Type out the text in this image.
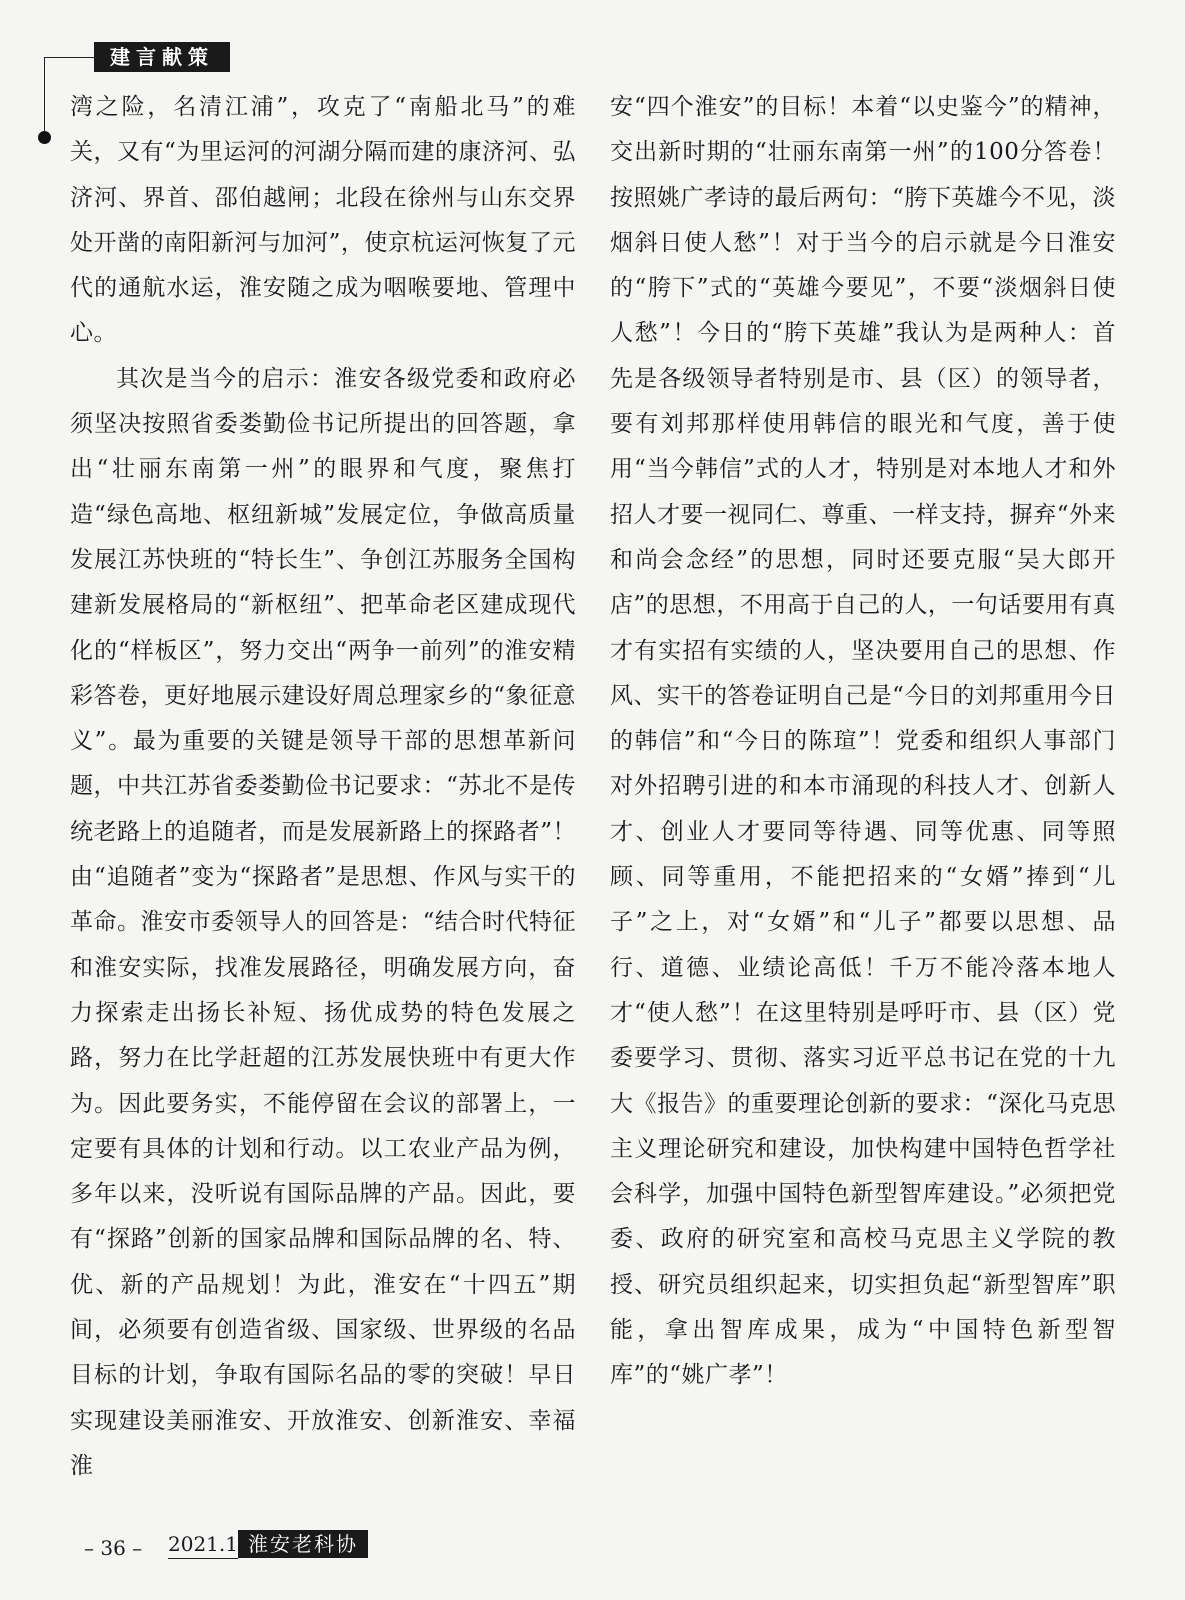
建言献策

湾之险，名清江浦”，攻克了“南船北马”的难关，又有“为里运河的河湖分隔而建的康济河、弘济河、界首、邵伯越闸；北段在徐州与山东交界处开凿的南阳新河与加河”，使京杭运河恢复了元代的通航水运，淮安随之成为咽喉要地、管理中心。

其次是当今的启示：淮安各级党委和政府必须坚决按照省委娄勤俭书记所提出的回答题，拿出“壮丽东南第一州”的眼界和气度，聚焦打造“绿色高地、枢纽新城”发展定位，争做高质量发展江苏快班的“特长生”、争创江苏服务全国构建新发展格局的“新枢纽”、把革命老区建成现代化的“样板区”，努力交出“两争一前列”的淮安精彩答卷，更好地展示建设好周总理家乡的“象征意义”。最为重要的关键是领导干部的思想革新问题，中共江苏省委娄勤俭书记要求：“苏北不是传统老路上的追随者，而是发展新路上的探路者”！由“追随者”变为“探路者”是思想、作风与实干的革命。淮安市委领导人的回答是：“结合时代特征和淮安实际，找准发展路径，明确发展方向，奋力探索走出扬长补短、扬优成势的特色发展之路，努力在比学赶超的江苏发展快班中有更大作为。因此要务实，不能停留在会议的部署上，一定要有具体的计划和行动。以工农业产品为例，多年以来，没听说有国际品牌的产品。因此，要有“探路”创新的国家品牌和国际品牌的名、特、优、新的产品规划！为此，淮安在“十四五”期间，必须要有创造省级、国家级、世界级的名品目标的计划，争取有国际名品的零的突破！早日实现建设美丽淮安、开放淮安、创新淮安、幸福淮

安“四个淮安”的目标！本着“以史鉴今”的精神，交出新时期的“壮丽东南第一州”的100分答卷！按照姚广孝诗的最后两句：“胯下英雄今不见，淡烟斜日使人愁”！对于当今的启示就是今日淮安的“胯下”式的“英雄今要见”，不要“淡烟斜日使人愁”！今日的“胯下英雄”我认为是两种人：首先是各级领导者特别是市、县（区）的领导者，要有刘邦那样使用韩信的眼光和气度，善于使用“当今韩信”式的人才，特别是对本地人才和外招人才要一视同仁、尊重、一样支持，摒弃“外来和尚会念经”的思想，同时还要克服“吴大郎开店”的思想，不用高于自己的人，一句话要用有真才有实招有实绩的人，坚决要用自己的思想、作风、实干的答卷证明自己是“今日的刘邦重用今日的韩信”和“今日的陈瑄”！党委和组织人事部门对外招聘引进的和本市涌现的科技人才、创新人才、创业人才要同等待遇、同等优惠、同等照顾、同等重用，不能把招来的“女婿”捧到“儿子”之上，对“女婿”和“儿子”都要以思想、品行、道德、业绩论高低！千万不能冷落本地人才“使人愁”！在这里特别是呼吁市、县（区）党委要学习、贯彻、落实习近平总书记在党的十九大《报告》的重要理论创新的要求：“深化马克思主义理论研究和建设，加快构建中国特色哲学社会科学，加强中国特色新型智库建设。”必须把党委、政府的研究室和高校马克思主义学院的教授、研究员组织起来，切实担负起“新型智库”职能，拿出智库成果，成为“中国特色新型智库”的“姚广孝”！

– 36 – 2021.1 淮安老科协
